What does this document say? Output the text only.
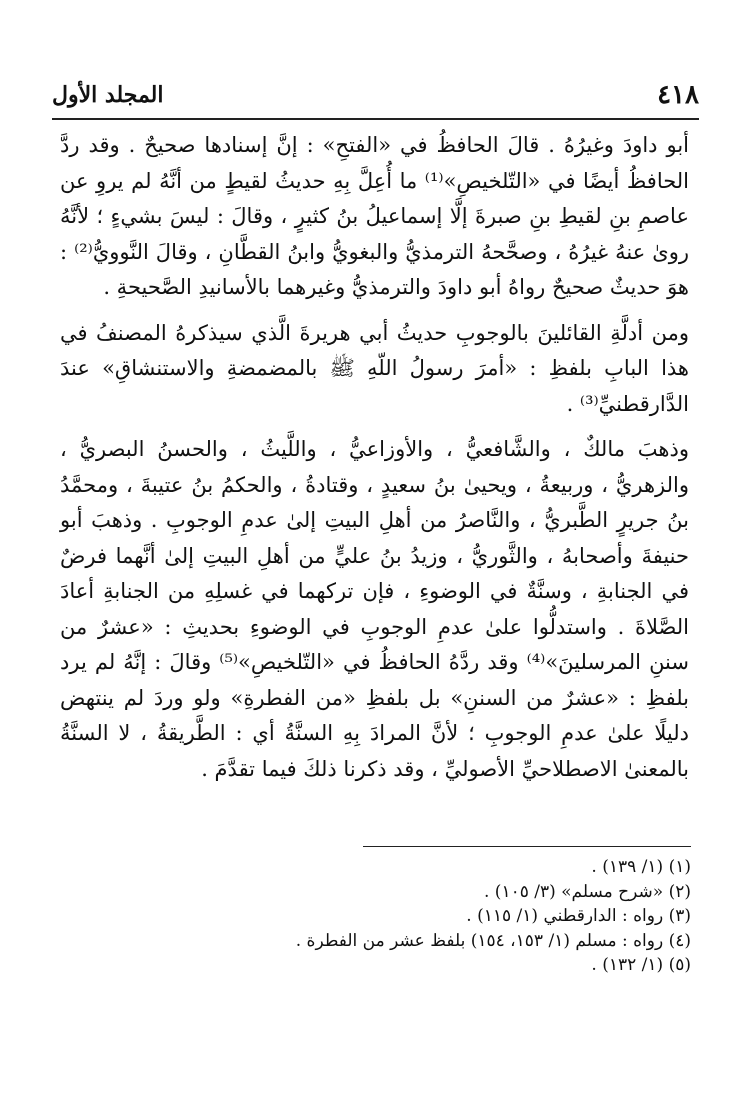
٤١٨
المجلد الأول

أبو داودَ وغيرُهُ . قالَ الحافظُ في «الفتحِ» : إنَّ إسنادها صحيحٌ . وقد ردَّ الحافظُ أيضًا في «التّلخيصِ»⁽¹⁾ ما أُعِلَّ بِهِ حديثُ لقيطٍ من أنَّهُ لم يروِ عن عاصمِ بنِ لقيطِ بنِ صبرةَ إلَّا إسماعيلُ بنُ كثيرٍ ، وقالَ : ليسَ بشيءٍ ؛ لأنَّهُ روىٰ عنهُ غيرُهُ ، وصحَّحهُ الترمذيُّ والبغويُّ وابنُ القطَّانِ ، وقالَ النَّوويُّ⁽²⁾ : هوَ حديثٌ صحيحٌ رواهُ أبو داودَ والترمذيُّ وغيرهما بالأسانيدِ الصَّحيحةِ .

ومن أدلَّةِ القائلينَ بالوجوبِ حديثُ أبي هريرةَ الَّذي سيذكرهُ المصنفُ في هذا البابِ بلفظِ : «أمرَ رسولُ اللّهِ ﷺ بالمضمضةِ والاستنشاقِ» عندَ الدَّارقطنيِّ⁽³⁾ .

وذهبَ مالكٌ ، والشَّافعيُّ ، والأوزاعيُّ ، واللَّيثُ ، والحسنُ البصريُّ ، والزهريُّ ، وربيعةُ ، ويحيىٰ بنُ سعيدٍ ، وقتادةُ ، والحكمُ بنُ عتيبةَ ، ومحمَّدُ بنُ جريرٍ الطَّبريُّ ، والنَّاصرُ من أهلِ البيتِ إلىٰ عدمِ الوجوبِ . وذهبَ أبو حنيفةَ وأصحابهُ ، والثَّوريُّ ، وزيدُ بنُ عليٍّ من أهلِ البيتِ إلىٰ أنَّهما فرضٌ في الجنابةِ ، وسنَّةٌ في الوضوءِ ، فإن تركهما في غسلِهِ من الجنابةِ أعادَ الصَّلاةَ . واستدلُّوا علىٰ عدمِ الوجوبِ في الوضوءِ بحديثِ : «عشرٌ من سننِ المرسلينَ»⁽⁴⁾ وقد ردَّهُ الحافظُ في «التّلخيصِ»⁽⁵⁾ وقالَ : إنَّهُ لم يرد بلفظِ : «عشرٌ من السننِ» بل بلفظِ «من الفطرةِ» ولو وردَ لم ينتهض دليلًا علىٰ عدمِ الوجوبِ ؛ لأنَّ المرادَ بِهِ السنَّةُ أي : الطَّريقةُ ، لا السنَّةُ بالمعنىٰ الاصطلاحيِّ الأصوليِّ ، وقد ذكرنا ذلكَ فيما تقدَّمَ .

(١) (١/ ١٣٩) .
(٢) «شرح مسلم» (٣/ ١٠٥) .
(٣) رواه : الدارقطني (١/ ١١٥) .
(٤) رواه : مسلم (١/ ١٥٣، ١٥٤) بلفظ عشر من الفطرة .
(٥) (١/ ١٣٢) .
